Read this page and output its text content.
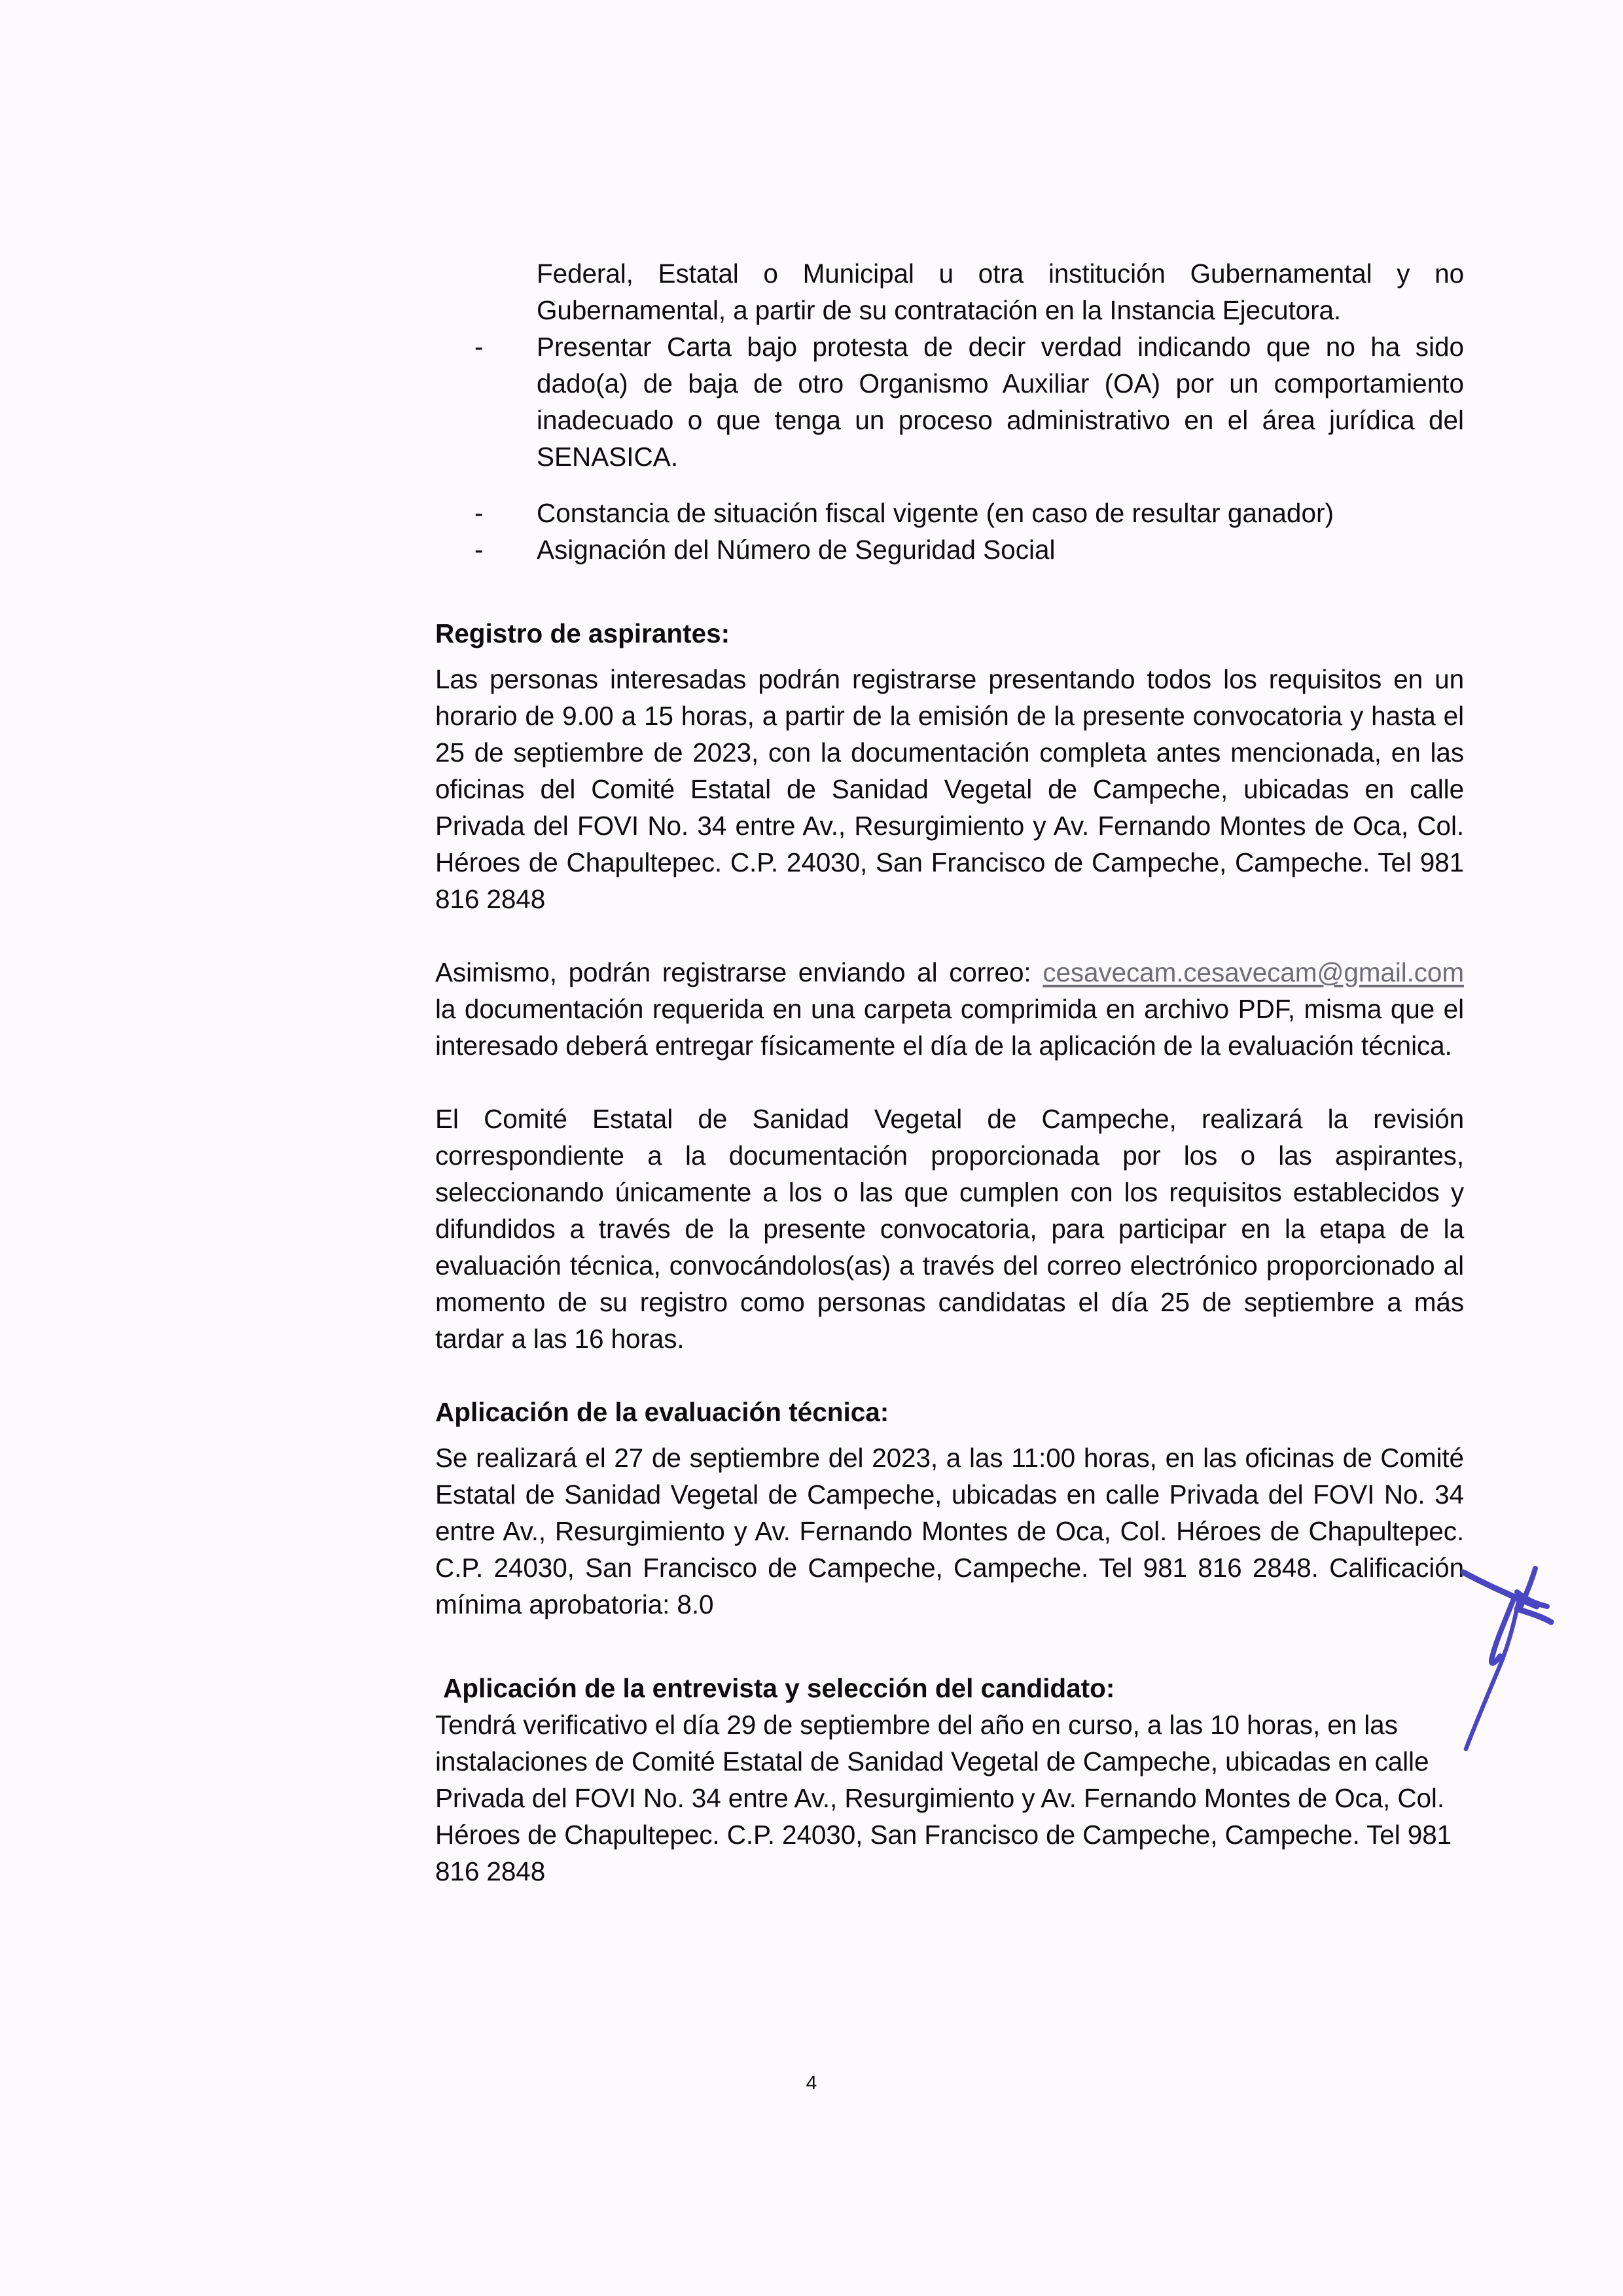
Federal, Estatal o Municipal u otra institución Gubernamental y no Gubernamental, a partir de su contratación en la Instancia Ejecutora.

- Presentar Carta bajo protesta de decir verdad indicando que no ha sido dado(a) de baja de otro Organismo Auxiliar (OA) por un comportamiento inadecuado o que tenga un proceso administrativo en el área jurídica del SENASICA.
- Constancia de situación fiscal vigente (en caso de resultar ganador)
- Asignación del Número de Seguridad Social
Registro de aspirantes:

Las personas interesadas podrán registrarse presentando todos los requisitos en un horario de 9.00 a 15 horas, a partir de la emisión de la presente convocatoria y hasta el 25 de septiembre de 2023, con la documentación completa antes mencionada, en las oficinas del Comité Estatal de Sanidad Vegetal de Campeche, ubicadas en calle Privada del FOVI No. 34 entre Av., Resurgimiento y Av. Fernando Montes de Oca, Col. Héroes de Chapultepec. C.P. 24030, San Francisco de Campeche, Campeche. Tel 981 816 2848

Asimismo, podrán registrarse enviando al correo: cesavecam.cesavecam@gmail.com la documentación requerida en una carpeta comprimida en archivo PDF, misma que el interesado deberá entregar físicamente el día de la aplicación de la evaluación técnica.

El Comité Estatal de Sanidad Vegetal de Campeche, realizará la revisión correspondiente a la documentación proporcionada por los o las aspirantes, seleccionando únicamente a los o las que cumplen con los requisitos establecidos y difundidos a través de la presente convocatoria, para participar en la etapa de la evaluación técnica, convocándolos(as) a través del correo electrónico proporcionado al momento de su registro como personas candidatas el día 25 de septiembre a más tardar a las 16 horas.

Aplicación de la evaluación técnica:

Se realizará el 27 de septiembre del 2023, a las 11:00 horas, en las oficinas de Comité Estatal de Sanidad Vegetal de Campeche, ubicadas en calle Privada del FOVI No. 34 entre Av., Resurgimiento y Av. Fernando Montes de Oca, Col. Héroes de Chapultepec. C.P. 24030, San Francisco de Campeche, Campeche. Tel 981 816 2848. Calificación mínima aprobatoria: 8.0

Aplicación de la entrevista y selección del candidato:

Tendrá verificativo el día 29 de septiembre del año en curso, a las 10 horas, en las instalaciones de Comité Estatal de Sanidad Vegetal de Campeche, ubicadas en calle Privada del FOVI No. 34 entre Av., Resurgimiento y Av. Fernando Montes de Oca, Col. Héroes de Chapultepec. C.P. 24030, San Francisco de Campeche, Campeche. Tel 981 816 2848

4
